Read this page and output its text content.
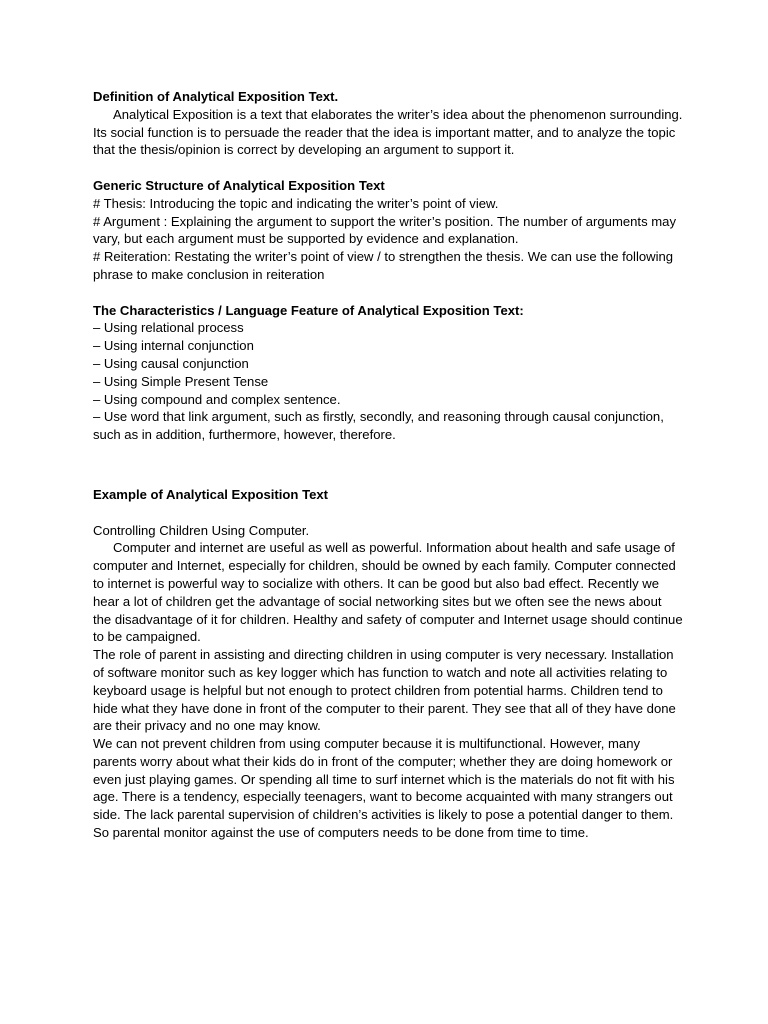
Definition of Analytical Exposition Text.

Analytical Exposition is a text that elaborates the writer’s idea about the phenomenon surrounding. Its social function is to persuade the reader that the idea is important matter, and to analyze the topic that the thesis/opinion is correct by developing an argument to support it.

Generic Structure of Analytical Exposition Text

# Thesis: Introducing the topic and indicating the writer’s point of view.

# Argument : Explaining the argument to support the writer’s position. The number of arguments may vary, but each argument must be supported by evidence and explanation.

# Reiteration: Restating the writer’s point of view / to strengthen the thesis. We can use the following phrase to make conclusion in reiteration

The Characteristics / Language Feature of Analytical Exposition Text:

– Using relational process

– Using internal conjunction

– Using causal conjunction

– Using Simple Present Tense

– Using compound and complex sentence.

– Use word that link argument, such as firstly, secondly, and reasoning through causal conjunction, such as in addition, furthermore, however, therefore.

Example of Analytical Exposition Text
Controlling Children Using Computer.

Computer and internet are useful as well as powerful. Information about health and safe usage of computer and Internet, especially for children, should be owned by each family. Computer connected to internet is powerful way to socialize with others. It can be good but also bad effect. Recently we hear a lot of children get the advantage of social networking sites but we often see the news about the disadvantage of it for children. Healthy and safety of computer and Internet usage should continue to be campaigned.

The role of parent in assisting and directing children in using computer is very necessary. Installation of software monitor such as key logger which has function to watch and note all activities relating to keyboard usage is helpful but not enough to protect children from potential harms. Children tend to hide what they have done in front of the computer to their parent. They see that all of they have done are their privacy and no one may know.

We can not prevent children from using computer because it is multifunctional. However, many parents worry about what their kids do in front of the computer; whether they are doing homework or even just playing games. Or spending all time to surf internet which is the materials do not fit with his age. There is a tendency, especially teenagers, want to become acquainted with many strangers out side. The lack parental supervision of children’s activities is likely to pose a potential danger to them. So parental monitor against the use of computers needs to be done from time to time.
